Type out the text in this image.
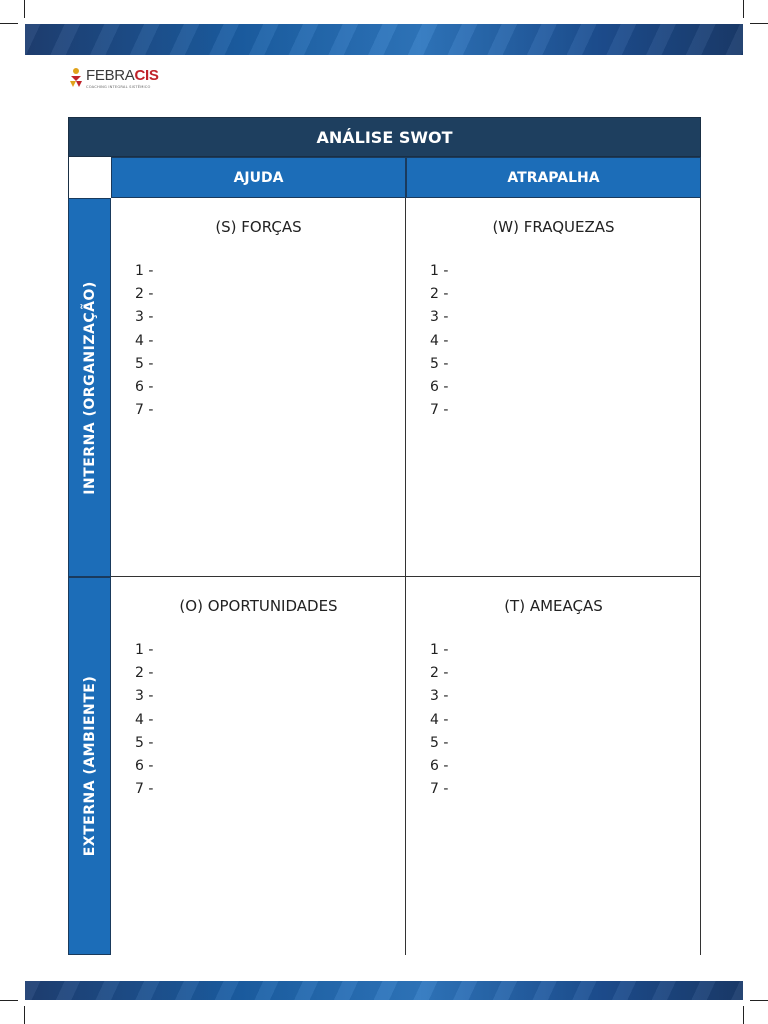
FEBRACIS
COACHING INTEGRAL SISTÊMICO
ANÁLISE SWOT
AJUDA	ATRAPALHA
INTERNA (ORGANIZAÇÃO)
EXTERNA (AMBIENTE)
(S) FORÇAS
1 -
2 -
3 -
4 -
5 -
6 -
7 -
(W) FRAQUEZAS
1 -
2 -
3 -
4 -
5 -
6 -
7 -
(O) OPORTUNIDADES
1 -
2 -
3 -
4 -
5 -
6 -
7 -
(T) AMEAÇAS
1 -
2 -
3 -
4 -
5 -
6 -
7 -
